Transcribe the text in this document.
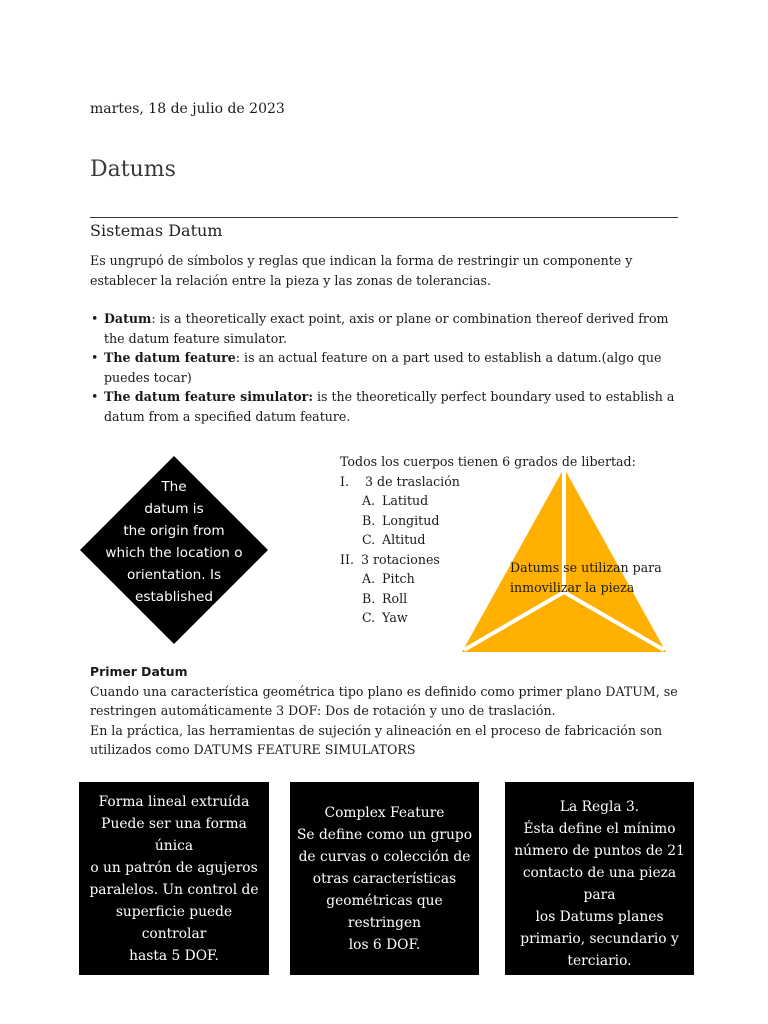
martes, 18 de julio de 2023
Datums
Sistemas Datum
Es ungrupó de símbolos y reglas que indican la forma de restringir un componente y establecer la relación entre la pieza y las zonas de tolerancias.
• Datum: is a theoretically exact point, axis or plane or combination thereof derived from the datum feature simulator.
• The datum feature: is an actual feature on a part used to establish a datum.(algo que puedes tocar)
• The datum feature simulator: is the theoretically perfect boundary used to establish a datum from a specified datum feature.
The
datum is
the origin from
which the location o
orientation. Is
established
Todos los cuerpos tienen 6 grados de libertad:
I. 3 de traslación
A. Latitud
B. Longitud
C. Altitud
II. 3 rotaciones
A. Pitch
B. Roll
C. Yaw
Datums se utilizan para
inmovilizar la pieza
Primer Datum
Cuando una característica geométrica tipo plano es definido como primer plano DATUM, se
restringen automáticamente 3 DOF: Dos de rotación y uno de traslación.
En la práctica, las herramientas de sujeción y alineación en el proceso de fabricación son
utilizados como DATUMS FEATURE SIMULATORS
Forma lineal extruída
Puede ser una forma única
o un patrón de agujeros
paralelos. Un control de
superficie puede controlar
hasta 5 DOF.
Complex Feature
Se define como un grupo
de curvas o colección de
otras características
geométricas que restringen
los 6 DOF.
La Regla 3.
Ésta define el mínimo
número de puntos de 21
contacto de una pieza para
los Datums planes
primario, secundario y
terciario.
